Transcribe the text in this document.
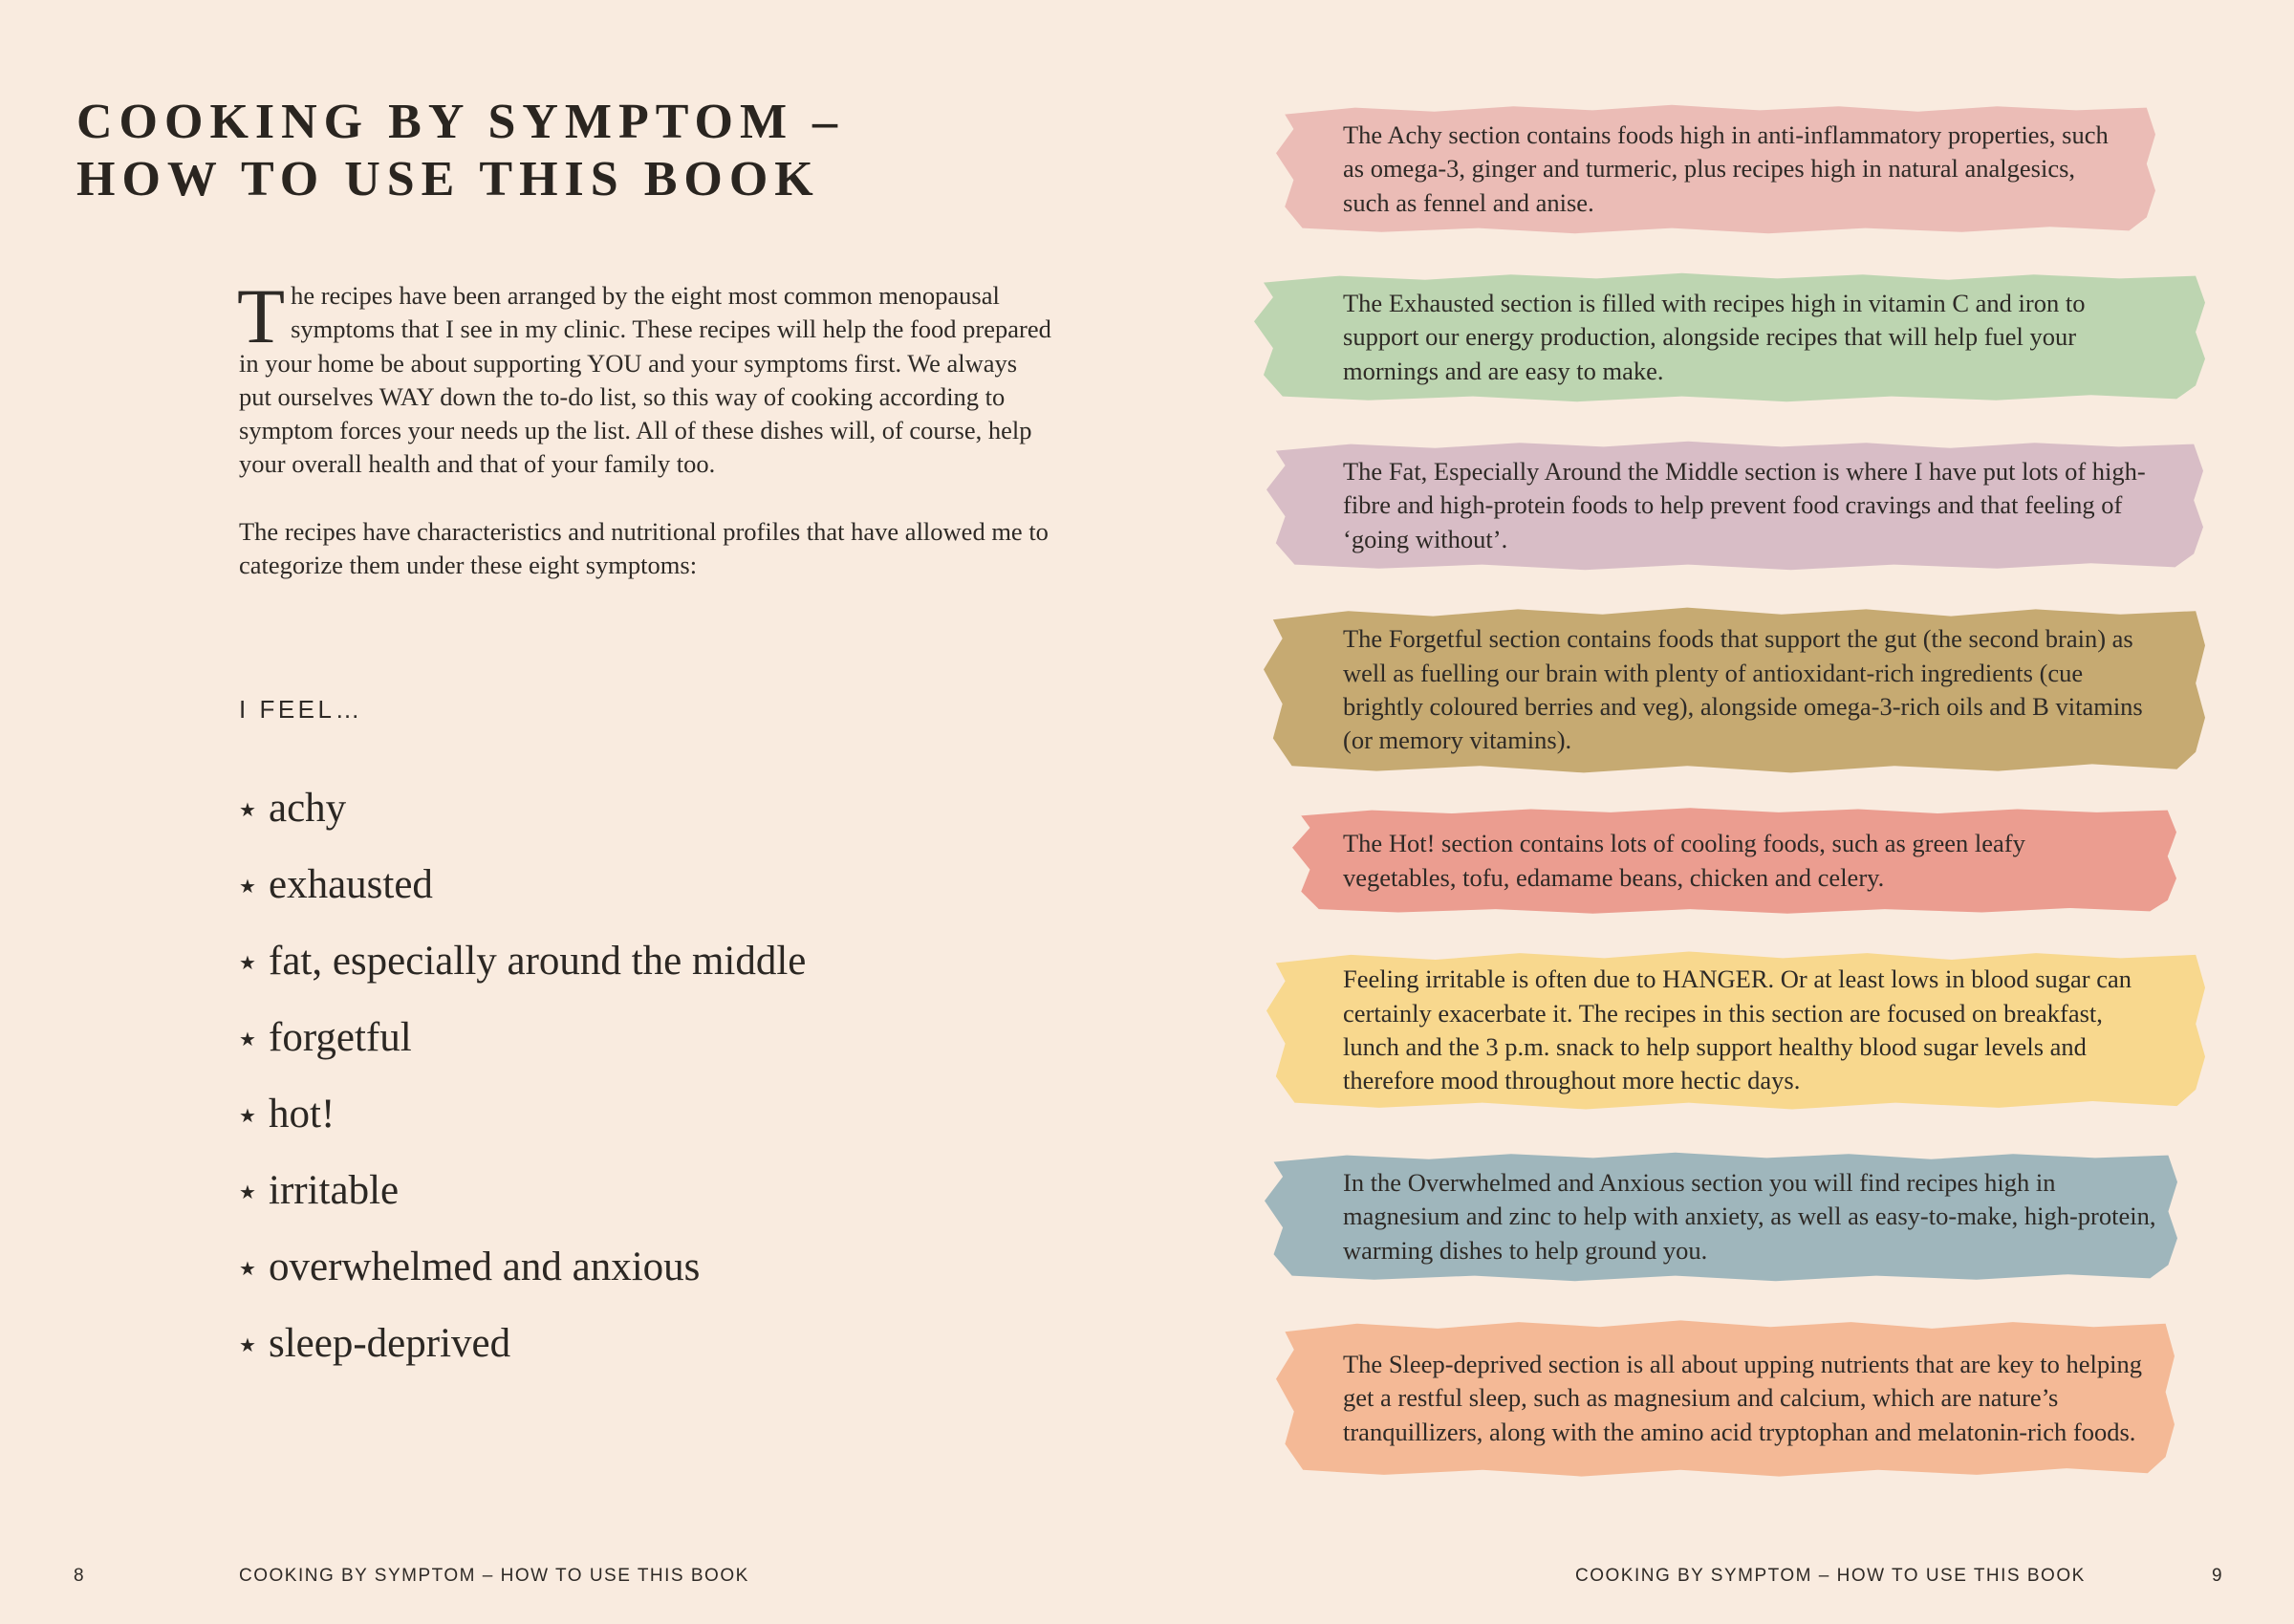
COOKING BY SYMPTOM –
HOW TO USE THIS BOOK

The recipes have been arranged by the eight most common menopausal symptoms that I see in my clinic. These recipes will help the food prepared in your home be about supporting YOU and your symptoms first. We always put ourselves WAY down the to-do list, so this way of cooking according to symptom forces your needs up the list. All of these dishes will, of course, help your overall health and that of your family too.

The recipes have characteristics and nutritional profiles that have allowed me to categorize them under these eight symptoms:

I FEEL…
★ achy
★ exhausted
★ fat, especially around the middle
★ forgetful
★ hot!
★ irritable
★ overwhelmed and anxious
★ sleep-deprived
The Achy section contains foods high in anti-inflammatory properties, such as omega-3, ginger and turmeric, plus recipes high in natural analgesics, such as fennel and anise.
The Exhausted section is filled with recipes high in vitamin C and iron to support our energy production, alongside recipes that will help fuel your mornings and are easy to make.
The Fat, Especially Around the Middle section is where I have put lots of high-fibre and high-protein foods to help prevent food cravings and that feeling of ‘going without’.
The Forgetful section contains foods that support the gut (the second brain) as well as fuelling our brain with plenty of antioxidant-rich ingredients (cue brightly coloured berries and veg), alongside omega-3-rich oils and B vitamins (or memory vitamins).
The Hot! section contains lots of cooling foods, such as green leafy vegetables, tofu, edamame beans, chicken and celery.
Feeling irritable is often due to HANGER. Or at least lows in blood sugar can certainly exacerbate it. The recipes in this section are focused on breakfast, lunch and the 3 p.m. snack to help support healthy blood sugar levels and therefore mood throughout more hectic days.
In the Overwhelmed and Anxious section you will find recipes high in magnesium and zinc to help with anxiety, as well as easy-to-make, high-protein, warming dishes to help ground you.
The Sleep-deprived section is all about upping nutrients that are key to helping get a restful sleep, such as magnesium and calcium, which are nature’s tranquillizers, along with the amino acid tryptophan and melatonin-rich foods.
8	COOKING BY SYMPTOM – HOW TO USE THIS BOOK	COOKING BY SYMPTOM – HOW TO USE THIS BOOK	9
